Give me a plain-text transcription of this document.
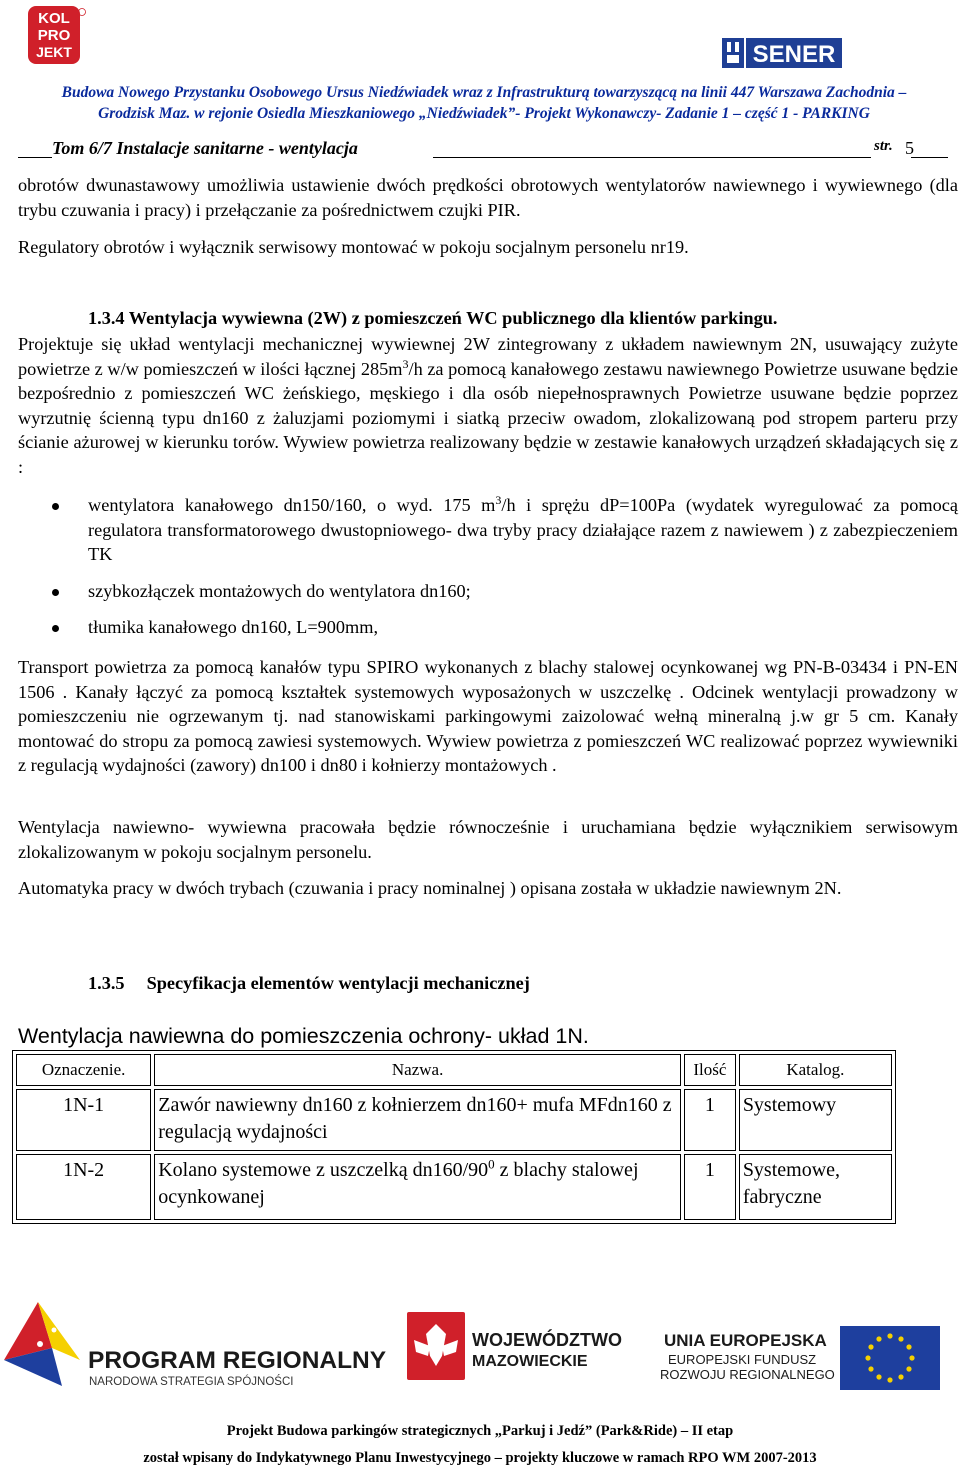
KOL
PRO
JEKT	SENER
Budowa Nowego Przystanku Osobowego Ursus Niedźwiadek wraz z Infrastrukturą towarzyszącą na linii 447 Warszawa Zachodnia –
Grodzisk Maz. w rejonie Osiedla Mieszkaniowego „Niedźwiadek”- Projekt Wykonawczy- Zadanie 1 – część 1 - PARKING
Tom 6/7 Instalacje sanitarne - wentylacja	str. 5
obrotów dwunastawowy umożliwia ustawienie dwóch prędkości obrotowych wentylatorów nawiewnego i wywiewnego (dla trybu czuwania i pracy) i przełączanie za pośrednictwem czujki PIR.
Regulatory obrotów i wyłącznik serwisowy montować w pokoju socjalnym personelu nr19.
1.3.4 Wentylacja wywiewna (2W) z pomieszczeń WC publicznego dla klientów parkingu.
Projektuje się układ wentylacji mechanicznej wywiewnej 2W zintegrowany z układem nawiewnym 2N, usuwający zużyte powietrze z w/w pomieszczeń w ilości łącznej $285m^3/h$ za pomocą kanałowego zestawu nawiewnego Powietrze usuwane będzie bezpośrednio z pomieszczeń WC żeńskiego, męskiego i dla osób niepełnosprawnych Powietrze usuwane będzie poprzez wyrzutnię ścienną typu dn160 z żaluzjami poziomymi i siatką przeciw owadom, zlokalizowaną pod stropem parteru przy ścianie ażurowej w kierunku torów. Wywiew powietrza realizowany będzie w zestawie kanałowych urządzeń składających się z :
wentylatora kanałowego dn150/160, o wyd. 175 $m^3/h$ i sprężu dP=100Pa (wydatek wyregulować za pomocą regulatora transformatorowego dwustopniowego- dwa tryby pracy działające razem z nawiewem ) z zabezpieczeniem TK
szybkozłączek montażowych do wentylatora dn160;
tłumika kanałowego dn160, L=900mm,
Transport powietrza za pomocą kanałów typu SPIRO wykonanych z blachy stalowej ocynkowanej wg PN-B-03434 i PN-EN 1506 . Kanały łączyć za pomocą kształtek systemowych wyposażonych w uszczelkę . Odcinek wentylacji prowadzony w pomieszczeniu nie ogrzewanym tj. nad stanowiskami parkingowymi zaizolować wełną mineralną j.w gr 5 cm. Kanały montować do stropu za pomocą zawiesi systemowych. Wywiew powietrza z pomieszczeń WC realizować poprzez wywiewniki z regulacją wydajności (zawory) dn100 i dn80 i kołnierzy montażowych .
Wentylacja nawiewno- wywiewna pracowała będzie równocześnie i uruchamiana będzie wyłącznikiem serwisowym zlokalizowanym w pokoju socjalnym personelu.
Automatyka pracy w dwóch trybach (czuwania i pracy nominalnej ) opisana została w układzie nawiewnym 2N.
1.3.5 Specyfikacja elementów wentylacji mechanicznej
Wentylacja nawiewna do pomieszczenia ochrony- układ 1N.
Oznaczenie.	Nazwa.	Ilość	Katalog.
1N-1	Zawór nawiewny dn160 z kołnierzem dn160+ mufa MFdn160 z regulacją wydajności	1	Systemowy
1N-2	Kolano systemowe z uszczelką $dn160/90^0$ z blachy stalowej ocynkowanej	1	Systemowe, fabryczne
PROGRAM REGIONALNY
NARODOWA STRATEGIA SPÓJNOŚCI
WOJEWÓDZTWO
MAZOWIECKIE
UNIA EUROPEJSKA
EUROPEJSKI FUNDUSZ
ROZWOJU REGIONALNEGO
Projekt Budowa parkingów strategicznych „Parkuj i Jedź” (Park&Ride) – II etap
został wpisany do Indykatywnego Planu Inwestycyjnego – projekty kluczowe w ramach RPO WM 2007-2013
